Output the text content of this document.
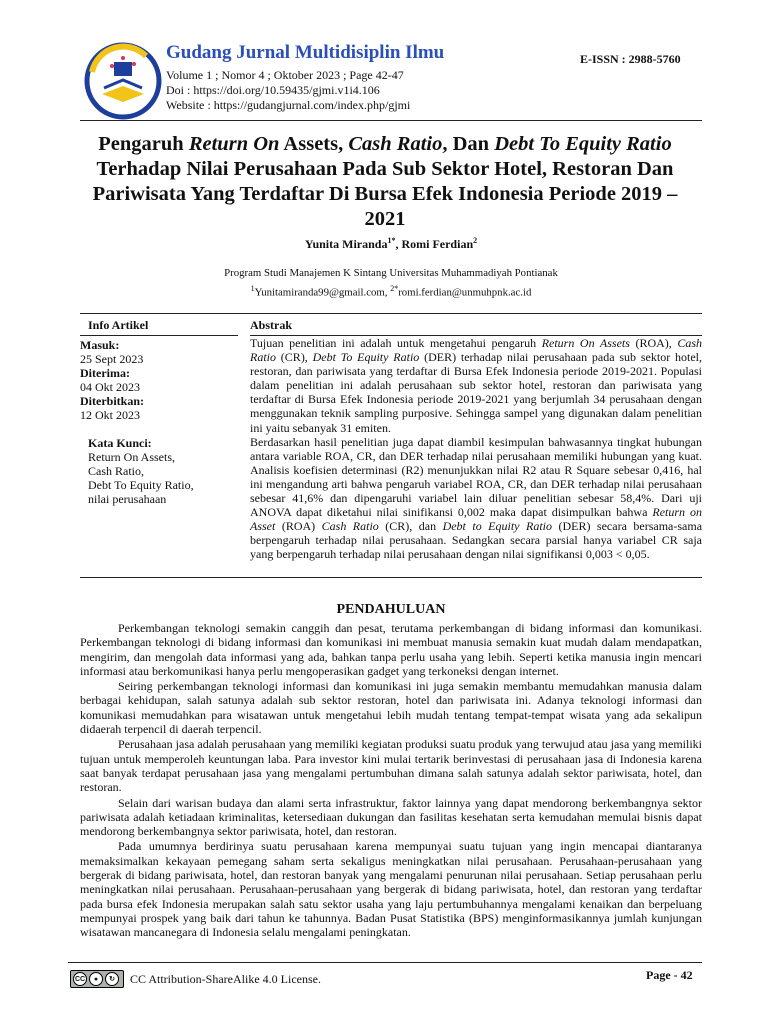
Gudang Jurnal Multidisiplin Ilmu	E-ISSN : 2988-5760
Volume 1 ; Nomor 4 ; Oktober 2023 ; Page 42-47
Doi : https://doi.org/10.59435/gjmi.v1i4.106
Website : https://gudangjurnal.com/index.php/gjmi
Pengaruh Return On Assets, Cash Ratio, Dan Debt To Equity Ratio Terhadap Nilai Perusahaan Pada Sub Sektor Hotel, Restoran Dan Pariwisata Yang Terdaftar Di Bursa Efek Indonesia Periode 2019 – 2021
Yunita Miranda$^{1*}$, Romi Ferdian$^2$
Program Studi Manajemen K Sintang Universitas Muhammadiyah Pontianak
$^1$Yunitamiranda99@gmail.com, $^{2*}$romi.ferdian@unmuhpnk.ac.id
Info Artikel	Abstrak
Masuk:
25 Sept 2023
Diterima:
04 Okt 2023
Diterbitkan:
12 Okt 2023
Kata Kunci:
Return On Assets,
Cash Ratio,
Debt To Equity Ratio,
nilai perusahaan

Tujuan penelitian ini adalah untuk mengetahui pengaruh Return On Assets (ROA), Cash Ratio (CR), Debt To Equity Ratio (DER) terhadap nilai perusahaan pada sub sektor hotel, restoran, dan pariwisata yang terdaftar di Bursa Efek Indonesia periode 2019-2021. Populasi dalam penelitian ini adalah perusahaan sub sektor hotel, restoran dan pariwisata yang terdaftar di Bursa Efek Indonesia periode 2019-2021 yang berjumlah 34 perusahaan dengan menggunakan teknik sampling purposive. Sehingga sampel yang digunakan dalam penelitian ini yaitu sebanyak 31 emiten.

Berdasarkan hasil penelitian juga dapat diambil kesimpulan bahwasannya tingkat hubungan antara variable ROA, CR, dan DER terhadap nilai perusahaan memiliki hubungan yang kuat. Analisis koefisien determinasi (R2) menunjukkan nilai R2 atau R Square sebesar 0,416, hal ini mengandung arti bahwa pengaruh variabel ROA, CR, dan DER terhadap nilai perusahaan sebesar 41,6% dan dipengaruhi variabel lain diluar penelitian sebesar 58,4%. Dari uji ANOVA dapat diketahui nilai sinifikansi 0,002 maka dapat disimpulkan bahwa Return on Asset (ROA) Cash Ratio (CR), dan Debt to Equity Ratio (DER) secara bersama-sama berpengaruh terhadap nilai perusahaan. Sedangkan secara parsial hanya variabel CR saja yang berpengaruh terhadap nilai perusahaan dengan nilai signifikansi 0,003 < 0,05.

PENDAHULUAN

Perkembangan teknologi semakin canggih dan pesat, terutama perkembangan di bidang informasi dan komunikasi. Perkembangan teknologi di bidang informasi dan komunikasi ini membuat manusia semakin kuat mudah dalam mendapatkan, mengirim, dan mengolah data informasi yang ada, bahkan tanpa perlu usaha yang lebih. Seperti ketika manusia ingin mencari informasi atau berkomunikasi hanya perlu mengoperasikan gadget yang terkoneksi dengan internet.

Seiring perkembangan teknologi informasi dan komunikasi ini juga semakin membantu memudahkan manusia dalam berbagai kehidupan, salah satunya adalah sub sektor restoran, hotel dan pariwisata ini. Adanya teknologi informasi dan komunikasi memudahkan para wisatawan untuk mengetahui lebih mudah tentang tempat-tempat wisata yang ada sekalipun didaerah terpencil di daerah terpencil.

Perusahaan jasa adalah perusahaan yang memiliki kegiatan produksi suatu produk yang terwujud atau jasa yang memiliki tujuan untuk memperoleh keuntungan laba. Para investor kini mulai tertarik berinvestasi di perusahaan jasa di Indonesia karena saat banyak terdapat perusahaan jasa yang mengalami pertumbuhan dimana salah satunya adalah sektor pariwisata, hotel, dan restoran.

Selain dari warisan budaya dan alami serta infrastruktur, faktor lainnya yang dapat mendorong berkembangnya sektor pariwisata adalah ketiadaan kriminalitas, ketersediaan dukungan dan fasilitas kesehatan serta kemudahan memulai bisnis dapat mendorong berkembangnya sektor pariwisata, hotel, dan restoran.

Pada umumnya berdirinya suatu perusahaan karena mempunyai suatu tujuan yang ingin mencapai diantaranya memaksimalkan kekayaan pemegang saham serta sekaligus meningkatkan nilai perusahaan. Perusahaan-perusahaan yang bergerak di bidang pariwisata, hotel, dan restoran banyak yang mengalami penurunan nilai perusahaan. Setiap perusahaan perlu meningkatkan nilai perusahaan. Perusahaan-perusahaan yang bergerak di bidang pariwisata, hotel, dan restoran yang terdaftar pada bursa efek Indonesia merupakan salah satu sektor usaha yang laju pertumbuhannya mengalami kenaikan dan berpeluang mempunyai prospek yang baik dari tahun ke tahunnya. Badan Pusat Statistika (BPS) menginformasikannya jumlah kunjungan wisatawan mancanegara di Indonesia selalu mengalami peningkatan.

CC	●	↻	CC Attribution-ShareAlike 4.0 License.	Page - 42
